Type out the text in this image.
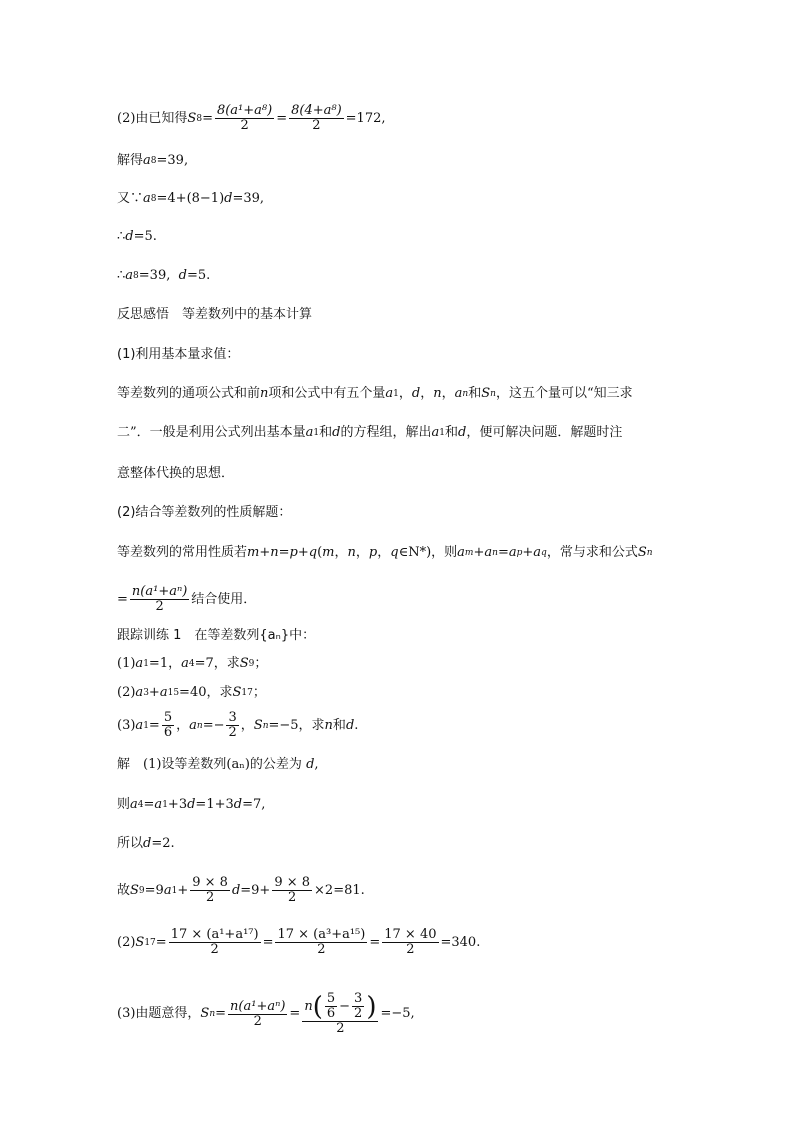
(2)由已知得 S $8 = \frac{\text{8(a¹+a⁸)}}{2} = \frac{\text{8(4+a⁸)}}{2} =172$,
解得 a 8 =39,
又∵ a 8 =4+(8−1) d =39,
∴ d =5.
∴ a 8 =39, d =5.
反思感悟　等差数列中的基本计算
(1)利用基本量求值：
等差数列的通项公式和前 n 项和公式中有五个量 a 1 ， d ， n ， a n 和 S n ，这五个量可以“知三求
二”．一般是利用公式列出基本量 a 1 和 d 的方程组，解出 a 1 和 d ，便可解决问题．解题时注
意整体代换的思想．
(2)结合等差数列的性质解题：
等差数列的常用性质若 m + n = p + q ( m ， n ， p ， q ∈N*)，则 a m + a n = a p + a q ，常与求和公式 S n
= $\frac{\text{n(a¹+aⁿ)}}{2}$ 结合使用．
跟踪训练 1　在等差数列{aₙ}中：
(1) a 1 =1， a 4 =7，求 S 9 ；
(2) a 3 + a 15 =40，求 S 17 ；
(3) a $1 = \frac{5}{6}$ ， a $n =- \frac{3}{2}$ ， S n =−5，求 n 和 d .
解　(1)设等差数列(aₙ)的公差为 d ,
则 a 4 = a 1 +3 d =1+3 d =7,
所以 d =2.
故 S 9 =9 a $1 + \frac{9 \times 8}{2}$ $d =9+ \frac{9 \times 8}{2} \times 2=81$.
(2) S $17 = \frac{\text{17 × (a¹+a¹⁷)}}{2} = \frac{\text{17 × (a³+a¹⁵)}}{2} = \frac{17 \times 40}{2} =340$.
(3)由题意得， S $n = \frac{\text{n(a¹+aⁿ)}}{2} = \frac{n ( \frac{5}{6} - \frac{3}{2} )}{2} =-5$,
